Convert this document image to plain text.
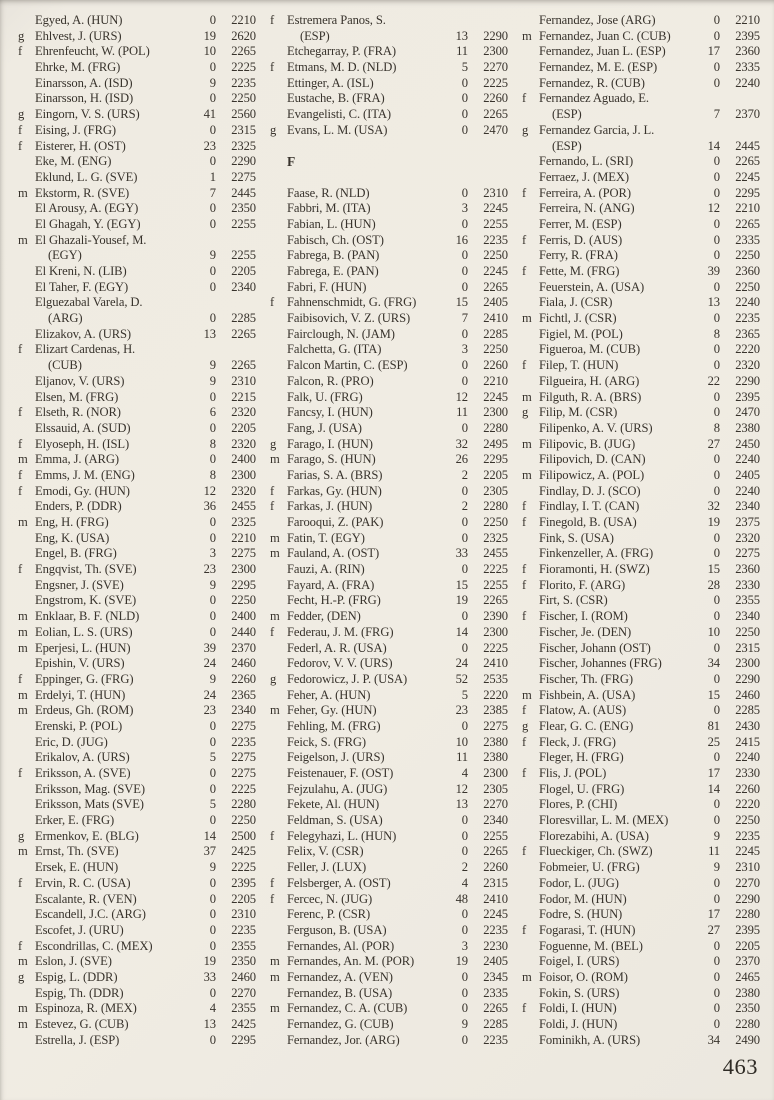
Egyed, A. (HUN)	0	2210
g Ehlvest, J. (URS)	19	2620
f	Ehrenfeucht, W. (POL)	10	2265
Ehrke, M. (FRG)	0	2225
Einarsson, A. (ISD)	9	2235
Einarsson, H. (ISD)	0	2250
g Eingorn, V. S. (URS)	41	2560
f	Eising, J. (FRG)	0	2315
f	Eisterer, H. (OST)	23	2325
Eke, M. (ENG)	0	2290
Eklund, L. G. (SVE)	1	2275
m Ekstorm, R. (SVE)	7	2445
El Arousy, A. (EGY)	0	2350
El Ghagah, Y. (EGY)	0	2255
m El Ghazali-Yousef, M.
(EGY)	9	2255
El Kreni, N. (LIB)	0	2205
El Taher, F. (EGY)	0	2340
Elguezabal Varela, D.
(ARG)	0	2285
Elizakov, A. (URS)	13	2265
f	Elizart Cardenas, H.
(CUB)	9	2265
Eljanov, V. (URS)	9	2310
Elsen, M. (FRG)	0	2215
f	Elseth, R. (NOR)	6	2320
Elssauid, A. (SUD)	0	2205
f	Elyoseph, H. (ISL)	8	2320
m Emma, J. (ARG)	0	2400
f	Emms, J. M. (ENG)	8	2300
f	Emodi, Gy. (HUN)	12	2320
Enders, P. (DDR)	36	2455
m Eng, H. (FRG)	0	2325
Eng, K. (USA)	0	2210
Engel, B. (FRG)	3	2275
f	Engqvist, Th. (SVE)	23	2300
Engsner, J. (SVE)	9	2295
Engstrom, K. (SVE)	0	2250
m Enklaar, B. F. (NLD)	0	2400
m Eolian, L. S. (URS)	0	2440
m Eperjesi, L. (HUN)	39	2370
Epishin, V. (URS)	24	2460
f	Eppinger, G. (FRG)	9	2260
m Erdelyi, T. (HUN)	24	2365
m Erdeus, Gh. (ROM)	23	2340
Erenski, P. (POL)	0	2275
Eric, D. (JUG)	0	2235
Erikalov, A. (URS)	5	2275
f	Eriksson, A. (SVE)	0	2275
Eriksson, Mag. (SVE)	0	2225
Eriksson, Mats (SVE)	5	2280
Erker, E. (FRG)	0	2250
g Ermenkov, E. (BLG)	14	2500
m Ernst, Th. (SVE)	37	2425
Ersek, E. (HUN)	9	2225
f	Ervin, R. C. (USA)	0	2395
Escalante, R. (VEN)	0	2205
Escandell, J.C. (ARG)	0	2310
Escofet, J. (URU)	0	2235
f	Escondrillas, C. (MEX)	0	2355
m Eslon, J. (SVE)	19	2350
g Espig, L. (DDR)	33	2460
Espig, Th. (DDR)	0	2270
m Espinoza, R. (MEX)	4	2355
m Estevez, G. (CUB)	13	2425
Estrella, J. (ESP)	0	2295
f	Estremera Panos, S.
(ESP)	13	2290
Etchegarray, P. (FRA)	11	2300
f	Etmans, M. D. (NLD)	5	2270
Ettinger, A. (ISL)	0	2225
Eustache, B. (FRA)	0	2260
Evangelisti, C. (ITA)	0	2265
g Evans, L. M. (USA)	0	2470
F
Faase, R. (NLD)	0	2310
Fabbri, M. (ITA)	3	2245
Fabian, L. (HUN)	0	2255
Fabisch, Ch. (OST)	16	2235
Fabrega, B. (PAN)	0	2250
Fabrega, E. (PAN)	0	2245
Fabri, F. (HUN)	0	2265
f	Fahnenschmidt, G. (FRG)	15	2405
Faibisovich, V. Z. (URS)	7	2410
Fairclough, N. (JAM)	0	2285
Falchetta, G. (ITA)	3	2250
Falcon Martin, C. (ESP)	0	2260
Falcon, R. (PRO)	0	2210
Falk, U. (FRG)	12	2245
Fancsy, I. (HUN)	11	2300
Fang, J. (USA)	0	2280
g Farago, I. (HUN)	32	2495
m Farago, S. (HUN)	26	2295
Farias, S. A. (BRS)	2	2205
f	Farkas, Gy. (HUN)	0	2305
f	Farkas, J. (HUN)	2	2280
Farooqui, Z. (PAK)	0	2250
m Fatin, T. (EGY)	0	2325
m Fauland, A. (OST)	33	2455
Fauzi, A. (RIN)	0	2225
Fayard, A. (FRA)	15	2255
Fecht, H.-P. (FRG)	19	2265
m Fedder, (DEN)	0	2390
f	Federau, J. M. (FRG)	14	2300
Federl, A. R. (USA)	0	2225
Fedorov, V. V. (URS)	24	2410
g Fedorowicz, J. P. (USA)	52	2535
Feher, A. (HUN)	5	2220
m Feher, Gy. (HUN)	23	2385
Fehling, M. (FRG)	0	2275
Feick, S. (FRG)	10	2380
Feigelson, J. (URS)	11	2380
Feistenauer, F. (OST)	4	2300
Fejzulahu, A. (JUG)	12	2305
Fekete, Al. (HUN)	13	2270
Feldman, S. (USA)	0	2340
f	Felegyhazi, L. (HUN)	0	2255
Felix, V. (CSR)	0	2265
Feller, J. (LUX)	2	2260
f	Felsberger, A. (OST)	4	2315
f	Fercec, N. (JUG)	48	2410
Ferenc, P. (CSR)	0	2245
Ferguson, B. (USA)	0	2235
Fernandes, Al. (POR)	3	2230
m Fernandes, An. M. (POR)	19	2405
m Fernandez, A. (VEN)	0	2345
Fernandez, B. (USA)	0	2335
m Fernandez, C. A. (CUB)	0	2265
Fernandez, G. (CUB)	9	2285
Fernandez, Jor. (ARG)	0	2235
Fernandez, Jose (ARG)	0	2210
m Fernandez, Juan C. (CUB)	0	2395
Fernandez, Juan L. (ESP)	17	2360
Fernandez, M. E. (ESP)	0	2335
Fernandez, R. (CUB)	0	2240
f	Fernandez Aguado, E.
(ESP)	7	2370
g Fernandez Garcia, J. L.
(ESP)	14	2445
Fernando, L. (SRI)	0	2265
Ferraez, J. (MEX)	0	2245
f	Ferreira, A. (POR)	0	2295
Ferreira, N. (ANG)	12	2210
Ferrer, M. (ESP)	0	2265
f	Ferris, D. (AUS)	0	2335
Ferry, R. (FRA)	0	2250
f	Fette, M. (FRG)	39	2360
Feuerstein, A. (USA)	0	2250
Fiala, J. (CSR)	13	2240
m Fichtl, J. (CSR)	0	2235
Figiel, M. (POL)	8	2365
Figueroa, M. (CUB)	0	2220
f	Filep, T. (HUN)	0	2320
Filgueira, H. (ARG)	22	2290
m Filguth, R. A. (BRS)	0	2395
g Filip, M. (CSR)	0	2470
Filipenko, A. V. (URS)	8	2380
m Filipovic, B. (JUG)	27	2450
Filipovich, D. (CAN)	0	2240
m Filipowicz, A. (POL)	0	2405
Findlay, D. J. (SCO)	0	2240
f	Findlay, I. T. (CAN)	32	2340
f	Finegold, B. (USA)	19	2375
Fink, S. (USA)	0	2320
Finkenzeller, A. (FRG)	0	2275
f	Fioramonti, H. (SWZ)	15	2360
f	Florito, F. (ARG)	28	2330
Firt, S. (CSR)	0	2355
f	Fischer, I. (ROM)	0	2340
Fischer, Je. (DEN)	10	2250
Fischer, Johann (OST)	0	2315
Fischer, Johannes (FRG)	34	2300
Fischer, Th. (FRG)	0	2290
m Fishbein, A. (USA)	15	2460
f	Flatow, A. (AUS)	0	2285
g Flear, G. C. (ENG)	81	2430
f	Fleck, J. (FRG)	25	2415
Fleger, H. (FRG)	0	2240
f	Flis, J. (POL)	17	2330
Flogel, U. (FRG)	14	2260
Flores, P. (CHI)	0	2220
Floresvillar, L. M. (MEX)	0	2250
Florezabihi, A. (USA)	9	2235
f	Flueckiger, Ch. (SWZ)	11	2245
Fobmeier, U. (FRG)	9	2310
Fodor, L. (JUG)	0	2270
Fodor, M. (HUN)	0	2290
Fodre, S. (HUN)	17	2280
f	Fogarasi, T. (HUN)	27	2395
Foguenne, M. (BEL)	0	2205
Foigel, I. (URS)	0	2370
m Foisor, O. (ROM)	0	2465
Fokin, S. (URS)	0	2380
f	Foldi, I. (HUN)	0	2350
Foldi, J. (HUN)	0	2280
Fominikh, A. (URS)	34	2490
463
